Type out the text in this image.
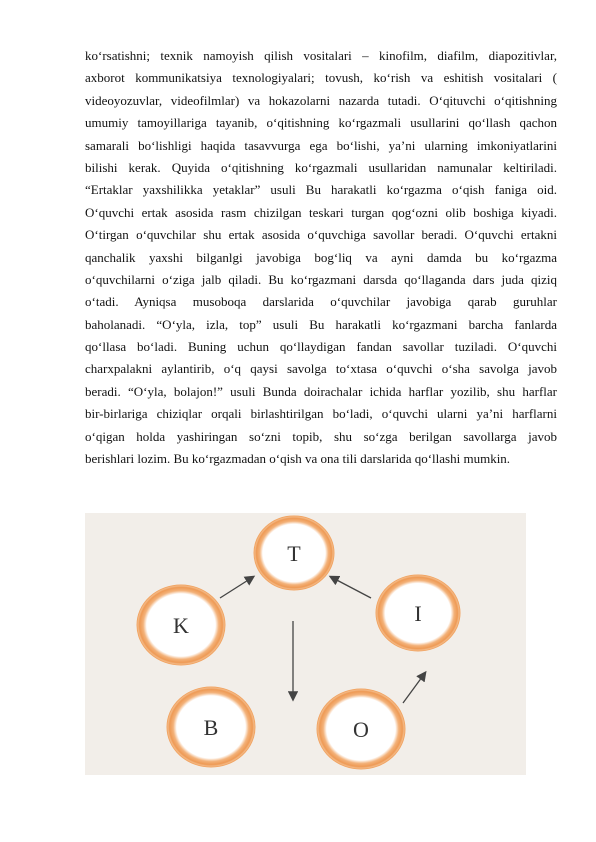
ko‘rsatishni; texnik namoyish qilish vositalari – kinofilm, diafilm, diapozitivlar,
axborot kommunikatsiya texnologiyalari; tovush, ko‘rish va eshitish vositalari (
videoyozuvlar, videofilmlar) va hokazolarni nazarda tutadi. O‘qituvchi o‘qitishning
umumiy tamoyillariga tayanib, o‘qitishning ko‘rgazmali usullarini qo‘llash qachon
samarali bo‘lishligi haqida tasavvurga ega bo‘lishi, ya’ni ularning imkoniyatlarini
bilishi kerak. Quyida o‘qitishning ko‘rgazmali usullaridan namunalar keltiriladi.
“Ertaklar yaxshilikka yetaklar” usuli Bu harakatli ko‘rgazma o‘qish faniga oid.
O‘quvchi ertak asosida rasm chizilgan teskari turgan qog‘ozni olib boshiga kiyadi.
O‘tirgan o‘quvchilar shu ertak asosida o‘quvchiga savollar beradi. O‘quvchi ertakni
qanchalik yaxshi bilganlgi javobiga bog‘liq va ayni damda bu ko‘rgazma
o‘quvchilarni o‘ziga jalb qiladi. Bu ko‘rgazmani darsda qo‘llaganda dars juda qiziq
o‘tadi. Ayniqsa musoboqa darslarida o‘quvchilar javobiga qarab guruhlar
baholanadi. “O‘yla, izla, top” usuli Bu harakatli ko‘rgazmani barcha fanlarda
qo‘llasa bo‘ladi. Buning uchun qo‘llaydigan fandan savollar tuziladi. O‘quvchi
charxpalakni aylantirib, o‘q qaysi savolga to‘xtasa o‘quvchi o‘sha savolga javob
beradi. “O‘yla, bolajon!” usuli Bunda doirachalar ichida harflar yozilib, shu harflar
bir-birlariga chiziqlar orqali birlashtirilgan bo‘ladi, o‘quvchi ularni ya’ni harflarni
o‘qigan holda yashiringan so‘zni topib, shu so‘zga berilgan savollarga javob
berishlari lozim. Bu ko‘rgazmadan o‘qish va ona tili darslarida qo‘llashi mumkin.
T
K	I
B	O
